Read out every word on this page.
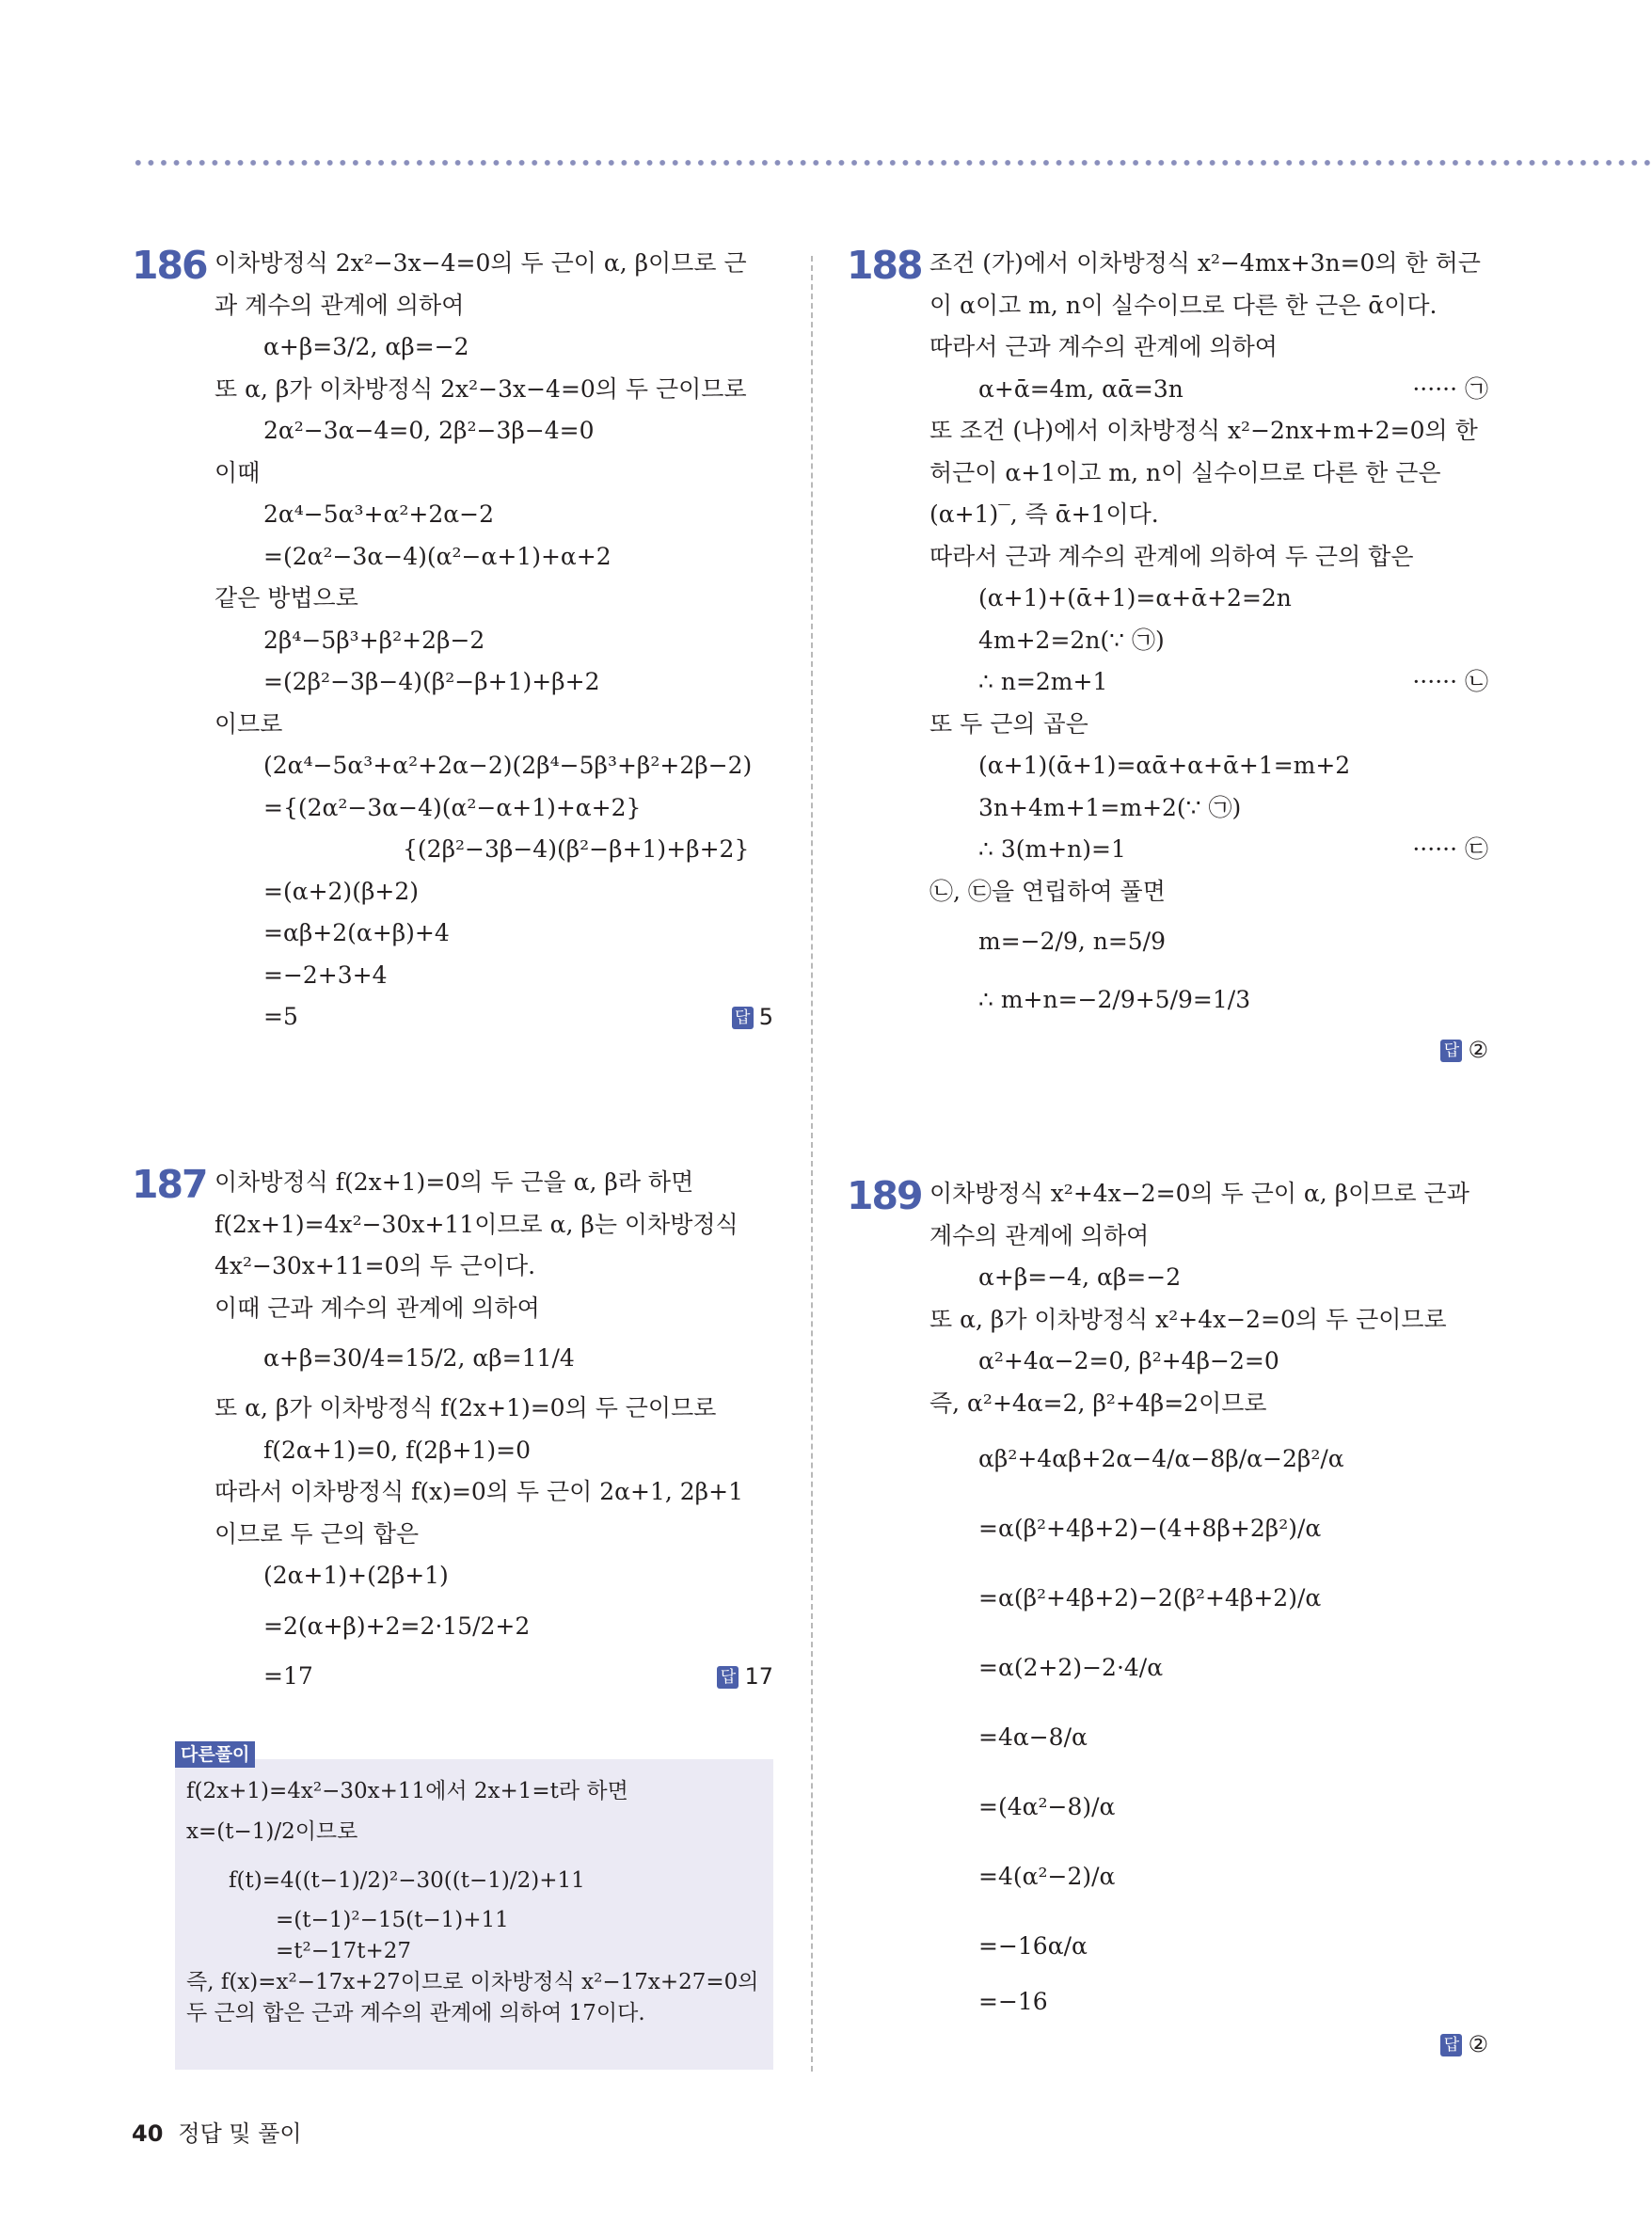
186 이차방정식 2x²−3x−4=0의 두 근이 α, β이므로 근
과 계수의 관계에 의하여
α+β=3/2, αβ=−2
또 α, β가 이차방정식 2x²−3x−4=0의 두 근이므로
2α²−3α−4=0, 2β²−3β−4=0
이때
2α⁴−5α³+α²+2α−2
=(2α²−3α−4)(α²−α+1)+α+2
같은 방법으로
2β⁴−5β³+β²+2β−2
=(2β²−3β−4)(β²−β+1)+β+2
이므로
(2α⁴−5α³+α²+2α−2)(2β⁴−5β³+β²+2β−2)
={(2α²−3α−4)(α²−α+1)+α+2}
{(2β²−3β−4)(β²−β+1)+β+2}
=(α+2)(β+2)
=αβ+2(α+β)+4
=−2+3+4
=5	답 5
187 이차방정식 f(2x+1)=0의 두 근을 α, β라 하면
f(2x+1)=4x²−30x+11이므로 α, β는 이차방정식
4x²−30x+11=0의 두 근이다.
이때 근과 계수의 관계에 의하여
α+β=30/4=15/2, αβ=11/4
또 α, β가 이차방정식 f(2x+1)=0의 두 근이므로
f(2α+1)=0, f(2β+1)=0
따라서 이차방정식 f(x)=0의 두 근이 2α+1, 2β+1
이므로 두 근의 합은
(2α+1)+(2β+1)
=2(α+β)+2=2·15/2+2
=17	답 17
다른풀이
f(2x+1)=4x²−30x+11에서 2x+1=t라 하면
x=(t−1)/2이므로
f(t)=4((t−1)/2)²−30((t−1)/2)+11
=(t−1)²−15(t−1)+11
=t²−17t+27
즉, f(x)=x²−17x+27이므로 이차방정식 x²−17x+27=0의
두 근의 합은 근과 계수의 관계에 의하여 17이다.
188 조건 (가)에서 이차방정식 x²−4mx+3n=0의 한 허근
이 α이고 m, n이 실수이므로 다른 한 근은 ᾱ이다.
따라서 근과 계수의 관계에 의하여
α+ᾱ=4m, αᾱ=3n	······ ㉠
또 조건 (나)에서 이차방정식 x²−2nx+m+2=0의 한
허근이 α+1이고 m, n이 실수이므로 다른 한 근은
(α+1)‾, 즉 ᾱ+1이다.
따라서 근과 계수의 관계에 의하여 두 근의 합은
(α+1)+(ᾱ+1)=α+ᾱ+2=2n
4m+2=2n(∵ ㉠)
∴ n=2m+1	······ ㉡
또 두 근의 곱은
(α+1)(ᾱ+1)=αᾱ+α+ᾱ+1=m+2
3n+4m+1=m+2(∵ ㉠)
∴ 3(m+n)=1	······ ㉢
㉡, ㉢을 연립하여 풀면
m=−2/9, n=5/9
∴ m+n=−2/9+5/9=1/3
답 ②
189 이차방정식 x²+4x−2=0의 두 근이 α, β이므로 근과
계수의 관계에 의하여
α+β=−4, αβ=−2
또 α, β가 이차방정식 x²+4x−2=0의 두 근이므로
α²+4α−2=0, β²+4β−2=0
즉, α²+4α=2, β²+4β=2이므로
αβ²+4αβ+2α−4/α−8β/α−2β²/α
=α(β²+4β+2)−(4+8β+2β²)/α
=α(β²+4β+2)−2(β²+4β+2)/α
=α(2+2)−2·4/α
=4α−8/α
=(4α²−8)/α
=4(α²−2)/α
=−16α/α
=−16
답 ②
40 정답 및 풀이
